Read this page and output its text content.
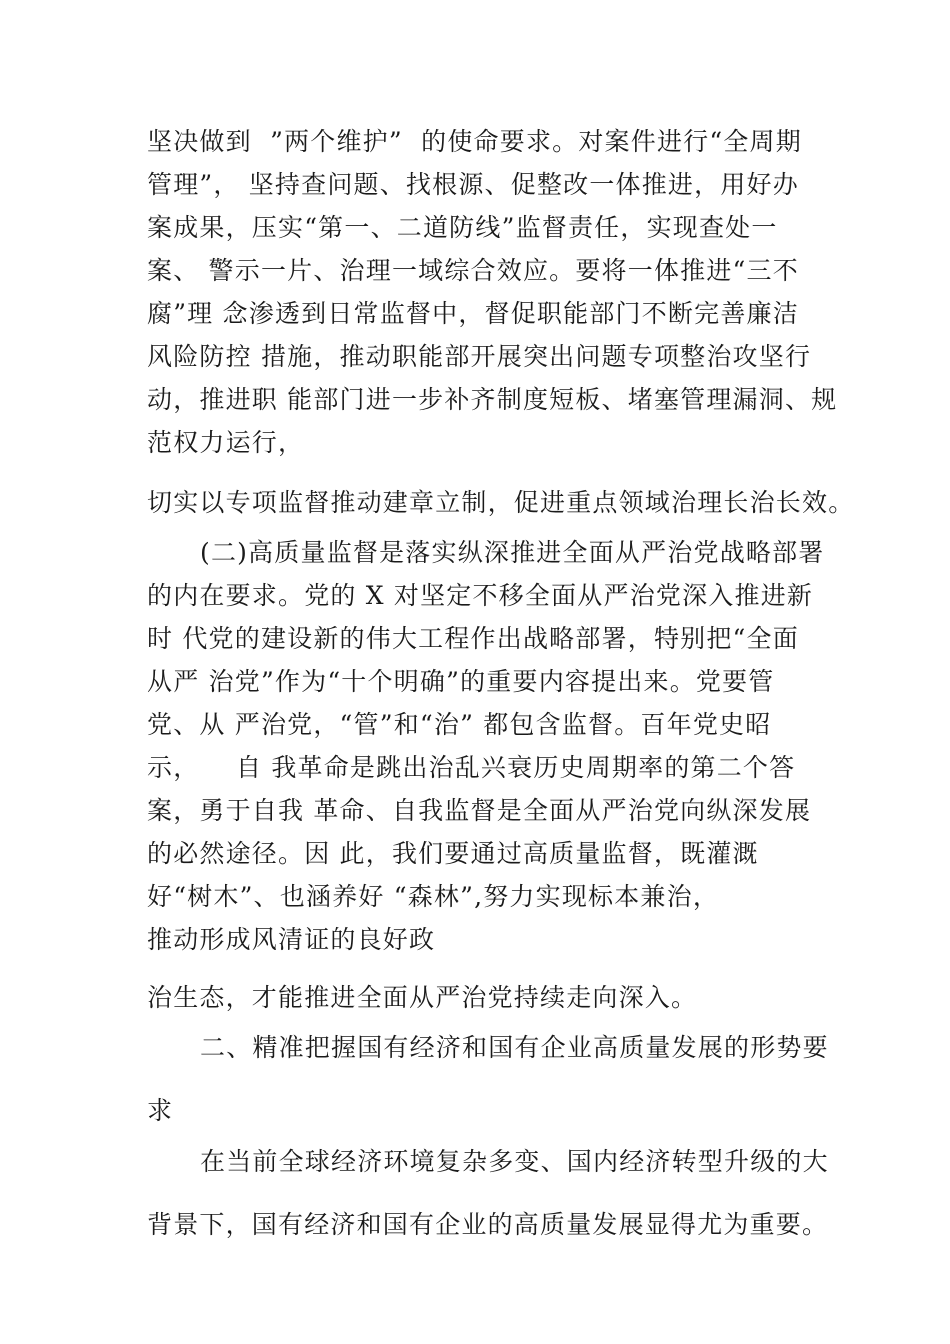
坚决做到  ”两个维护”  的使命要求。对案件进行“全周期
管理”， 坚持查问题、找根源、促整改一体推进，用好办
案成果，压实“第一、二道防线”监督责任，实现查处一
案、 警示一片、治理一域综合效应。要将一体推进“三不
腐”理 念渗透到日常监督中，督促职能部门不断完善廉洁
风险防控 措施，推动职能部开展突出问题专项整治攻坚行
动，推进职 能部门进一步补齐制度短板、堵塞管理漏洞、规
范权力运行，
切实以专项监督推动建章立制，促进重点领域治理长治长效。
(二)高质量监督是落实纵深推进全面从严治党战略部署
的内在要求。党的 X 对坚定不移全面从严治党深入推进新
时 代党的建设新的伟大工程作出战略部署，特别把“全面
从严 治党”作为“十个明确”的重要内容提出来。党要管
党、从 严治党，“管”和“治” 都包含监督。百年党史昭
示，    自 我革命是跳出治乱兴衰历史周期率的第二个答
案，勇于自我 革命、自我监督是全面从严治党向纵深发展
的必然途径。因 此，我们要通过高质量监督，既灌溉
好“树木”、也涵养好 “森林”,努力实现标本兼治，
推动形成风清证的良好政
治生态，才能推进全面从严治党持续走向深入。
二、精准把握国有经济和国有企业高质量发展的形势要
求
在当前全球经济环境复杂多变、国内经济转型升级的大
背景下，国有经济和国有企业的高质量发展显得尤为重要。
